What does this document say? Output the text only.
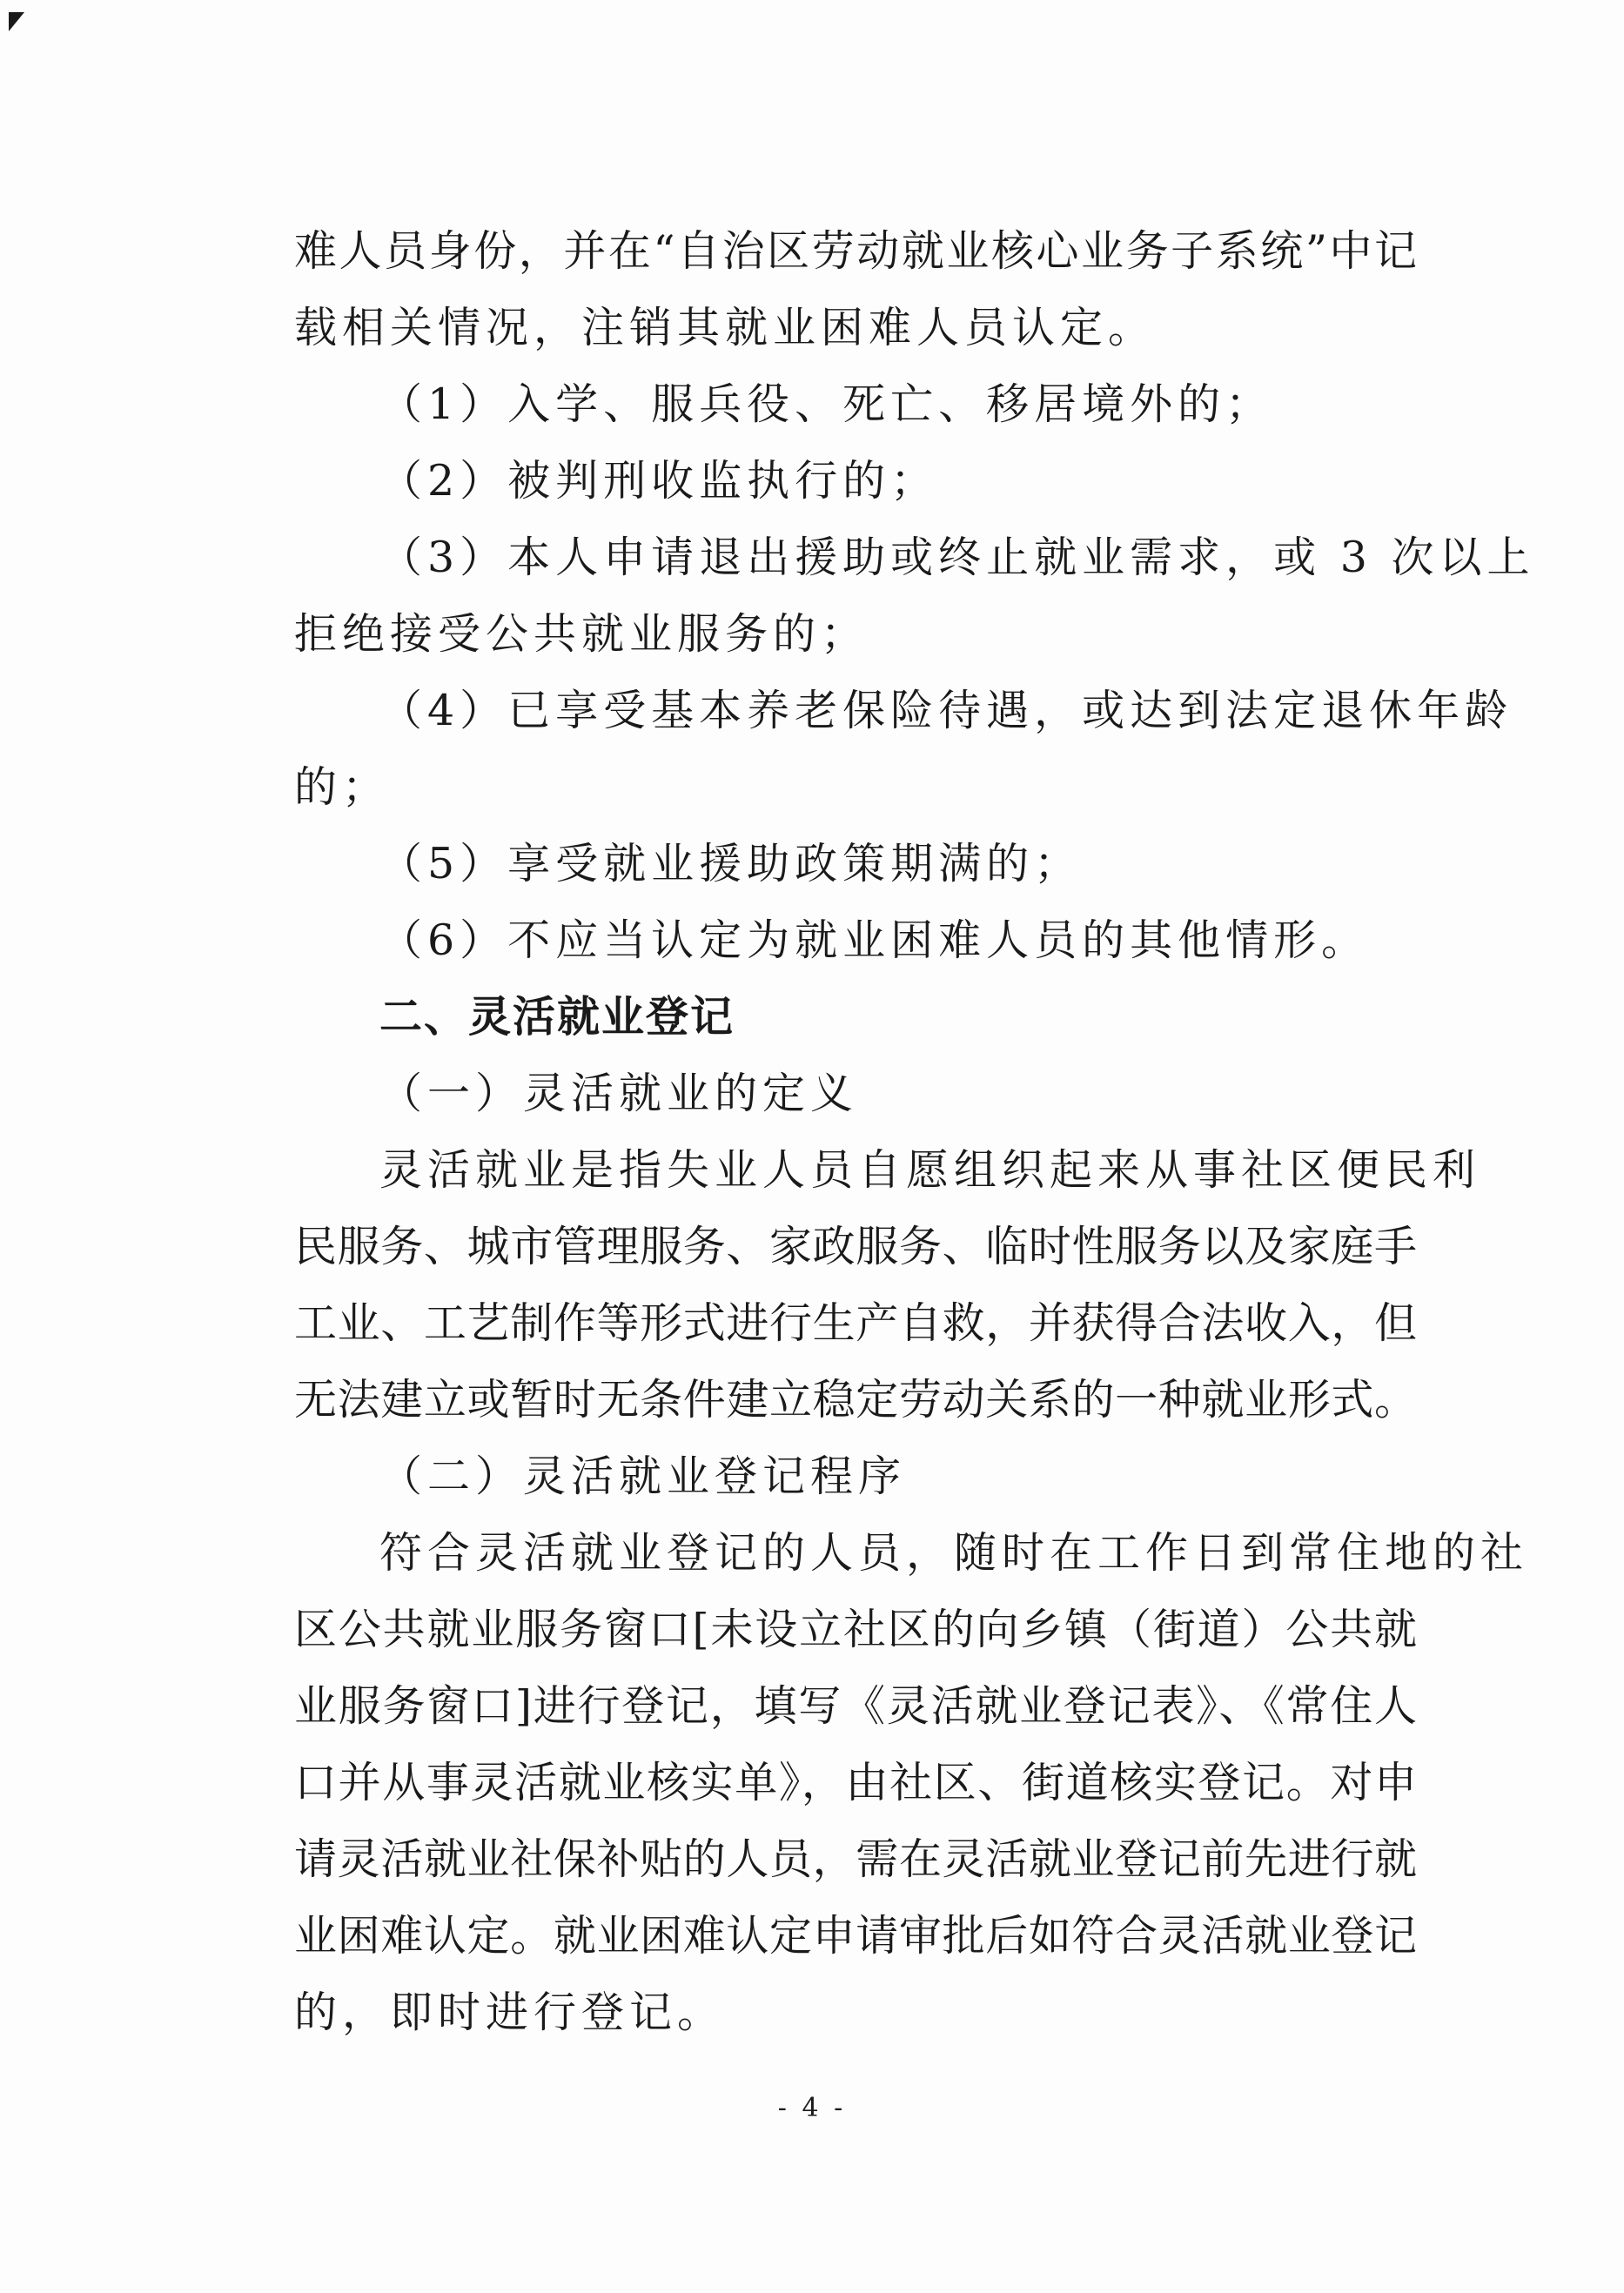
难人员身份，并在“自治区劳动就业核心业务子系统”中记
载相关情况，注销其就业困难人员认定。
（1）入学、服兵役、死亡、移居境外的；
（2）被判刑收监执行的；
（3）本人申请退出援助或终止就业需求，或 3 次以上
拒绝接受公共就业服务的；
（4）已享受基本养老保险待遇，或达到法定退休年龄
的；
（5）享受就业援助政策期满的；
（6）不应当认定为就业困难人员的其他情形。
二、灵活就业登记
（一）灵活就业的定义
灵活就业是指失业人员自愿组织起来从事社区便民利
民服务、城市管理服务、家政服务、临时性服务以及家庭手
工业、工艺制作等形式进行生产自救，并获得合法收入，但
无法建立或暂时无条件建立稳定劳动关系的一种就业形式。
（二）灵活就业登记程序
符合灵活就业登记的人员，随时在工作日到常住地的社
区公共就业服务窗口[未设立社区的向乡镇（街道）公共就
业服务窗口]进行登记，填写《灵活就业登记表》、《常住人
口并从事灵活就业核实单》，由社区、街道核实登记。对申
请灵活就业社保补贴的人员，需在灵活就业登记前先进行就
业困难认定。就业困难认定申请审批后如符合灵活就业登记
的，即时进行登记。
- 4 -
